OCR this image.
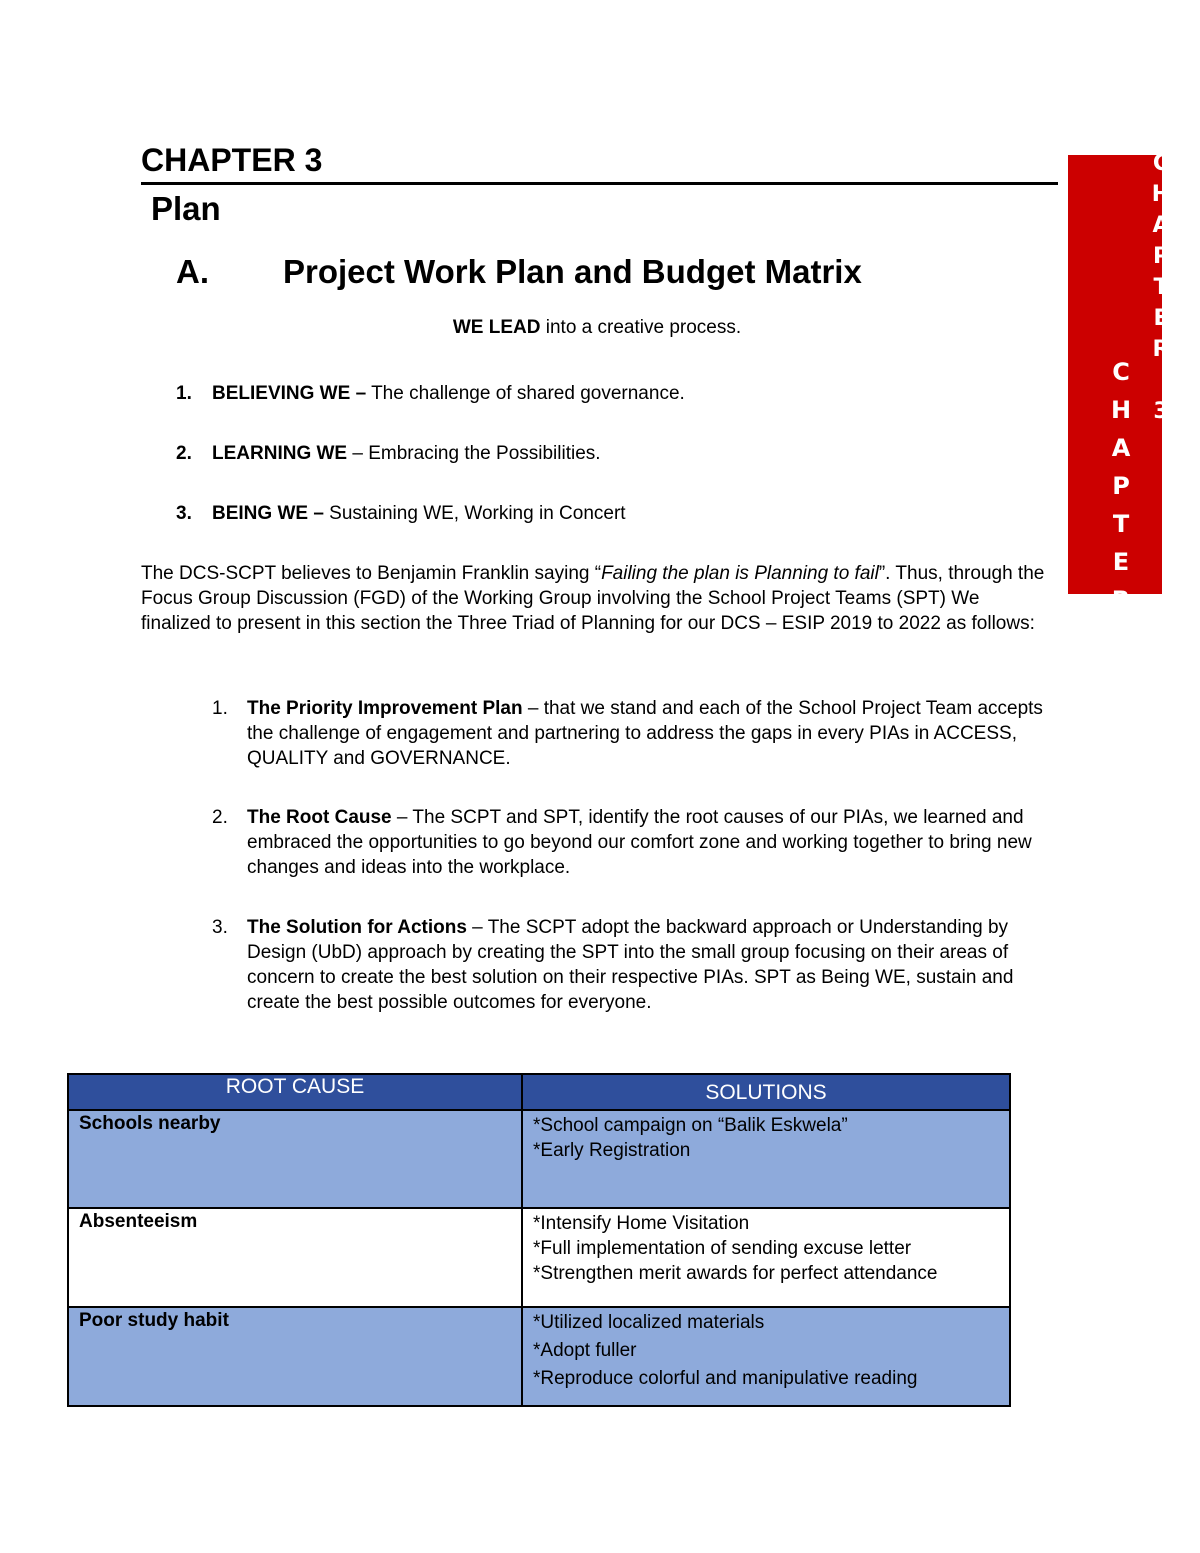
CHAPTER 3
Plan
A. Project Work Plan and Budget Matrix

WE LEAD into a creative process.

1. BELIEVING WE – The challenge of shared governance.

2. LEARNING WE – Embracing the Possibilities.

3. BEING WE – Sustaining WE, Working in Concert

The DCS-SCPT believes to Benjamin Franklin saying “Failing the plan is Planning to fail”. Thus, through the Focus Group Discussion (FGD) of the Working Group involving the School Project Teams (SPT) We finalized to present in this section the Three Triad of Planning for our DCS – ESIP 2019 to 2022 as follows:

1. The Priority Improvement Plan – that we stand and each of the School Project Team accepts the challenge of engagement and partnering to address the gaps in every PIAs in ACCESS, QUALITY and GOVERNANCE.
2. The Root Cause – The SCPT and SPT, identify the root causes of our PIAs, we learned and embraced the opportunities to go beyond our comfort zone and working together to bring new changes and ideas into the workplace.
3. The Solution for Actions – The SCPT adopt the backward approach or Understanding by Design (UbD) approach by creating the SPT into the small group focusing on their areas of concern to create the best solution on their respective PIAs. SPT as Being WE, sustain and create the best possible outcomes for everyone.
ROOT CAUSE	SOLUTIONS
Schools nearby	*School campaign on “Balik Eskwela”
*Early Registration

Absenteeism	*Intensify Home Visitation
*Full implementation of sending excuse letter
*Strengthen merit awards for perfect attendance

Poor study habit	*Utilized localized materials
*Adopt fuller
*Reproduce colorful and manipulative reading
C
H
A
P
T
E
R
3
C
H
A
P
T
E
R
3
